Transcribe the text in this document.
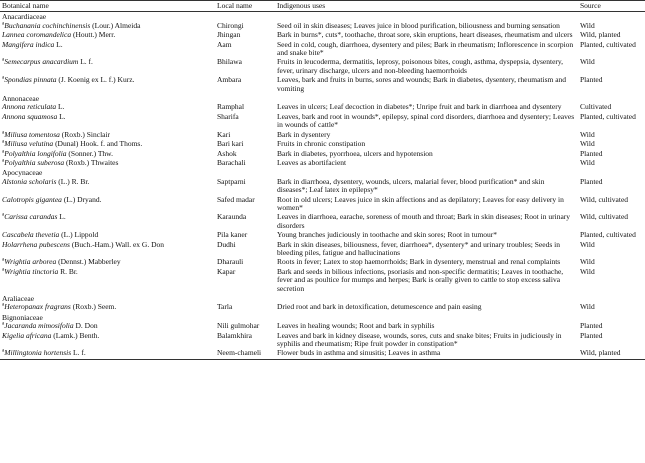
Botanical name	Local name	Indigenous uses	Source
Anacardiaceae			
$^a$Buchanania cochinchinensis (Lour.) Almeida	Chirongi	Seed oil in skin diseases; Leaves juice in blood purification, biliousness and burning sensation	Wild
Lannea coromandelica (Houtt.) Merr.	Jhingan	Bark in burns*, cuts*, toothache, throat sore, skin eruptions, heart diseases, rheumatism and ulcers	Wild, planted
Mangifera indica L.	Aam	Seed in cold, cough, diarrhoea, dysentery and piles; Bark in rheumatism; Inflorescence in scorpion and snake bite*	Planted, cultivated
$^a$Semecarpus anacardium L. f.	Bhilawa	Fruits in leucoderma, dermatitis, leprosy, poisonous bites, cough, asthma, dyspepsia, dysentery, fever, urinary discharge, ulcers and non-bleeding haemorrhoids	Wild
$^a$Spondias pinnata (J. Koenig ex L. f.) Kurz.	Ambara	Leaves, bark and fruits in burns, sores and wounds; Bark in diabetes, dysentery, rheumatism and vomiting	Planted
Annonaceae			
Annona reticulata L.	Ramphal	Leaves in ulcers; Leaf decoction in diabetes*; Unripe fruit and bark in diarrhoea and dysentery	Cultivated
Annona squamosa L.	Sharifa	Leaves, bark and root in wounds*, epilepsy, spinal cord disorders, diarrhoea and dysentery; Leaves in wounds of cattle*	Planted, cultivated
$^a$Miliusa tomentosa (Roxb.) Sinclair	Kari	Bark in dysentery	Wild
$^a$Miliusa velutina (Dunal) Hook. f. and Thoms.	Bari kari	Fruits in chronic constipation	Wild
$^a$Polyalthia longifolia (Sonner.) Thw.	Ashok	Bark in diabetes, pyorrhoea, ulcers and hypotension	Planted
$^a$Polyalthia suberosa (Roxb.) Thwaites	Barachali	Leaves as abortifacient	Wild
Apocynaceae			
Alstonia scholaris (L.) R. Br.	Saptparni	Bark in diarrhoea, dysentery, wounds, ulcers, malarial fever, blood purification* and skin diseases*; Leaf latex in epilepsy*	Planted
Calotropis gigantea (L.) Dryand.	Safed madar	Root in old ulcers; Leaves juice in skin affections and as depilatory; Leaves for easy delivery in women*	Wild, cultivated
$^a$Carissa carandas L.	Karaunda	Leaves in diarrhoea, earache, soreness of mouth and throat; Bark in skin diseases; Root in urinary disorders	Wild, cultivated
Cascabela thevetia (L.) Lippold	Pila kaner	Young branches judiciously in toothache and skin sores; Root in tumour*	Planted, cultivated
Holarrhena pubescens (Buch.-Ham.) Wall. ex G. Don	Dudhi	Bark in skin diseases, biliousness, fever, diarrhoea*, dysentery* and urinary troubles; Seeds in bleeding piles, fatigue and hallucinations	Wild
$^a$Wrightia arborea (Dennst.) Mabberley	Dharauli	Roots in fever; Latex to stop haemorrhoids; Bark in dysentery, menstrual and renal complaints	Wild
$^a$Wrightia tinctoria R. Br.	Kapar	Bark and seeds in bilious infections, psoriasis and non-specific dermatitis; Leaves in toothache, fever and as poultice for mumps and herpes; Bark is orally given to cattle to stop excess saliva secretion	Wild
Araliaceae			
$^a$Heteropanax fragrans (Roxb.) Seem.	Tarla	Dried root and bark in detoxification, detumescence and pain easing	Wild
Bignoniaceae			
$^a$Jacaranda mimosifolia D. Don	Nili gulmohar	Leaves in healing wounds; Root and bark in syphilis	Planted
Kigelia africana (Lamk.) Benth.	Balamkhira	Leaves and bark in kidney disease, wounds, sores, cuts and snake bites; Fruits in judiciously in syphilis and rheumatism; Ripe fruit powder in constipation*	Planted
$^a$Millingtonia hortensis L. f.	Neem-chameli	Flower buds in asthma and sinusitis; Leaves in asthma	Wild, planted
